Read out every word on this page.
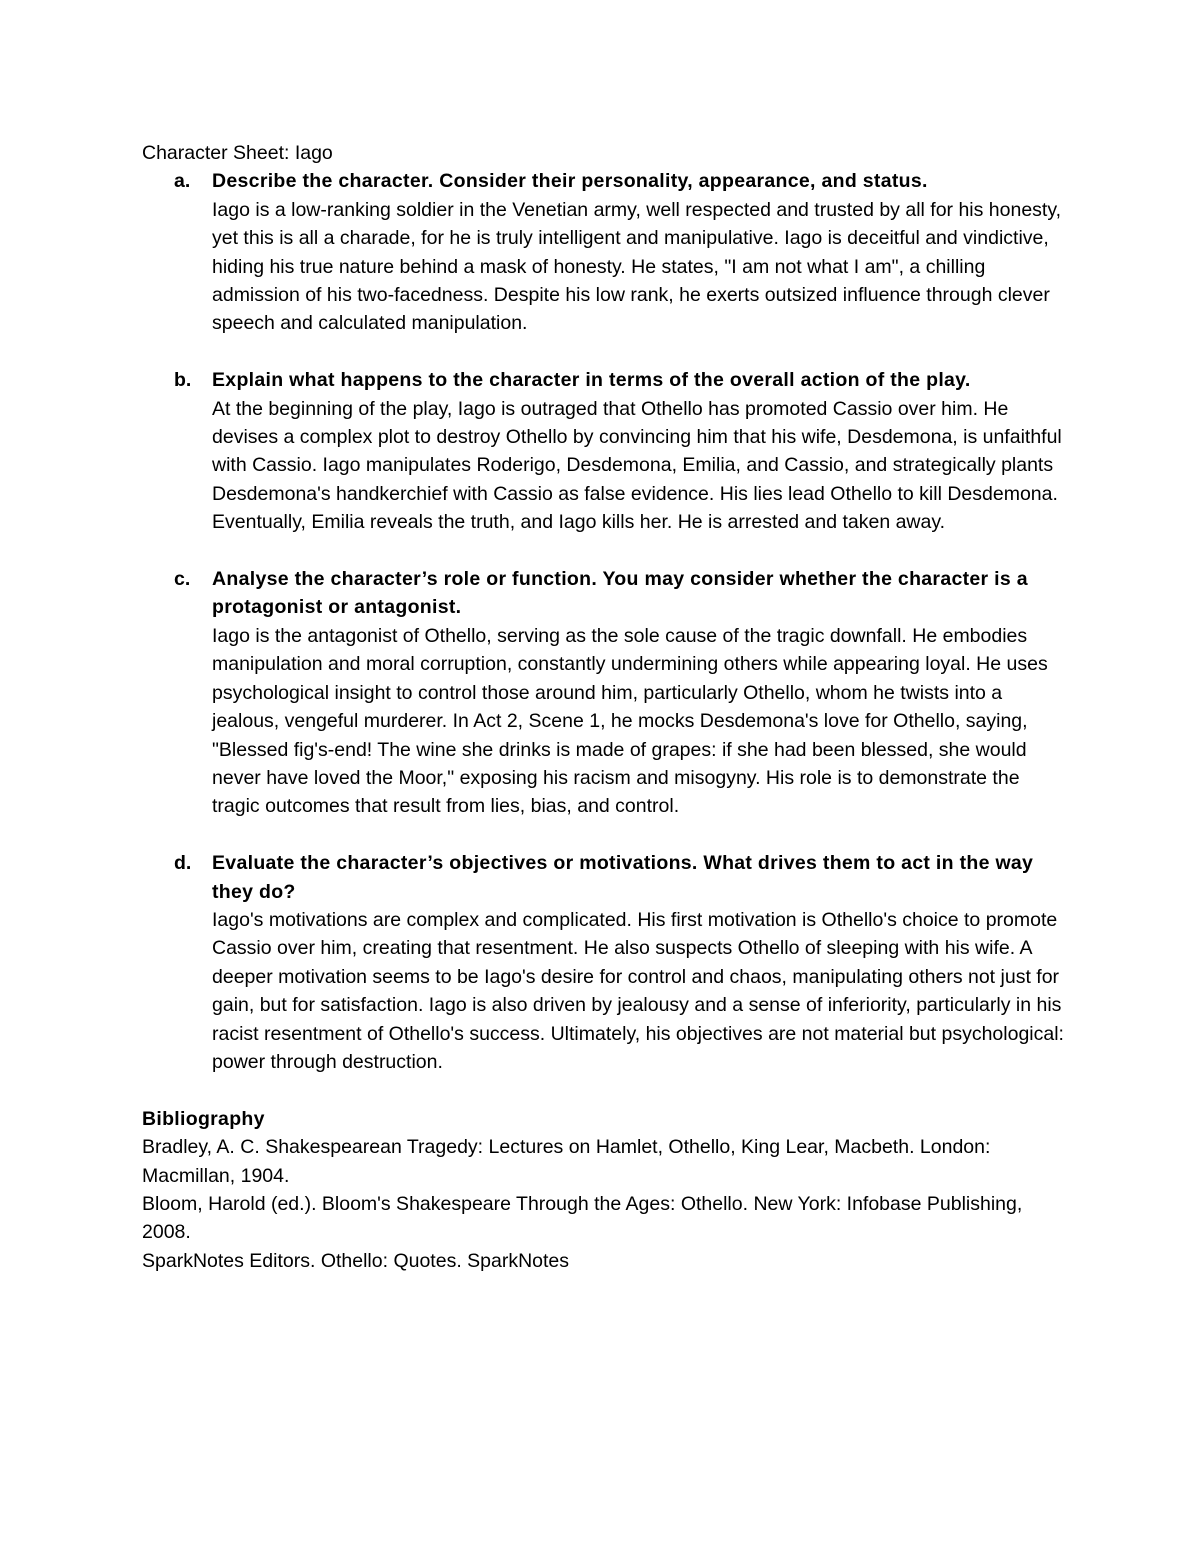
Character Sheet: Iago

a. Describe the character. Consider their personality, appearance, and status.
Iago is a low-ranking soldier in the Venetian army, well respected and trusted by all for his honesty, yet this is all a charade, for he is truly intelligent and manipulative. Iago is deceitful and vindictive, hiding his true nature behind a mask of honesty. He states, "I am not what I am", a chilling admission of his two-facedness. Despite his low rank, he exerts outsized influence through clever speech and calculated manipulation.
b. Explain what happens to the character in terms of the overall action of the play.
At the beginning of the play, Iago is outraged that Othello has promoted Cassio over him. He devises a complex plot to destroy Othello by convincing him that his wife, Desdemona, is unfaithful with Cassio. Iago manipulates Roderigo, Desdemona, Emilia, and Cassio, and strategically plants Desdemona's handkerchief with Cassio as false evidence. His lies lead Othello to kill Desdemona. Eventually, Emilia reveals the truth, and Iago kills her. He is arrested and taken away.
c. Analyse the character’s role or function. You may consider whether the character is a protagonist or antagonist.
Iago is the antagonist of Othello, serving as the sole cause of the tragic downfall. He embodies manipulation and moral corruption, constantly undermining others while appearing loyal. He uses psychological insight to control those around him, particularly Othello, whom he twists into a jealous, vengeful murderer. In Act 2, Scene 1, he mocks Desdemona's love for Othello, saying, "Blessed fig's-end! The wine she drinks is made of grapes: if she had been blessed, she would never have loved the Moor," exposing his racism and misogyny. His role is to demonstrate the tragic outcomes that result from lies, bias, and control.
d. Evaluate the character’s objectives or motivations. What drives them to act in the way they do?
Iago's motivations are complex and complicated. His first motivation is Othello's choice to promote Cassio over him, creating that resentment. He also suspects Othello of sleeping with his wife. A deeper motivation seems to be Iago's desire for control and chaos, manipulating others not just for gain, but for satisfaction. Iago is also driven by jealousy and a sense of inferiority, particularly in his racist resentment of Othello's success. Ultimately, his objectives are not material but psychological: power through destruction.

Bibliography

Bradley, A. C. Shakespearean Tragedy: Lectures on Hamlet, Othello, King Lear, Macbeth. London: Macmillan, 1904.
Bloom, Harold (ed.). Bloom's Shakespeare Through the Ages: Othello. New York: Infobase Publishing, 2008.
SparkNotes Editors. Othello: Quotes. SparkNotes
